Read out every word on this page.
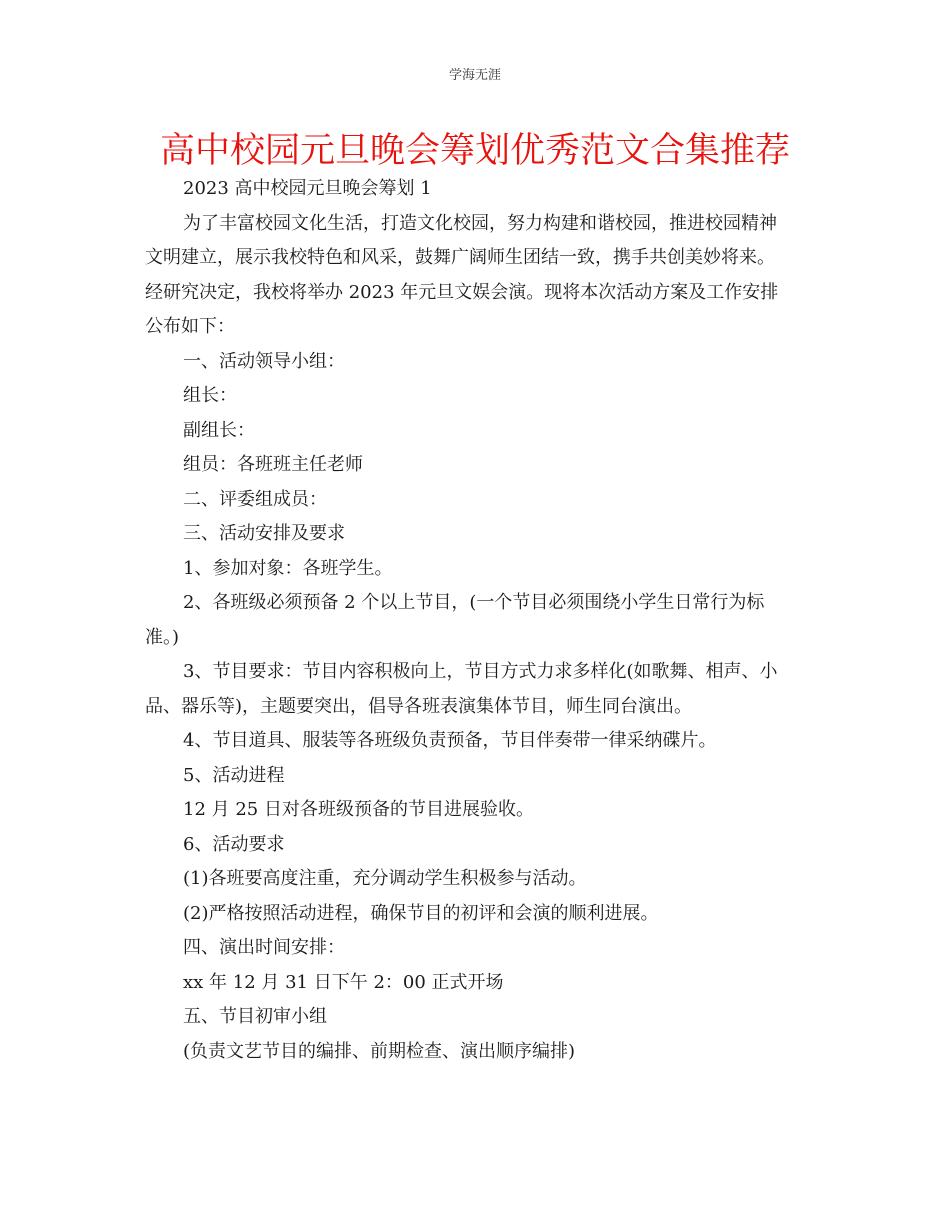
学海无涯
高中校园元旦晚会筹划优秀范文合集推荐
2023 高中校园元旦晚会筹划 1
为了丰富校园文化生活，打造文化校园，努力构建和谐校园，推进校园精神
文明建立，展示我校特色和风采，鼓舞广阔师生团结一致，携手共创美妙将来。
经研究决定，我校将举办 2023 年元旦文娱会演。现将本次活动方案及工作安排
公布如下：
一、活动领导小组：
组长：
副组长：
组员：各班班主任老师
二、评委组成员：
三、活动安排及要求
1、参加对象：各班学生。
2、各班级必须预备 2 个以上节目，(一个节目必须围绕小学生日常行为标
准。)
3、节目要求：节目内容积极向上，节目方式力求多样化(如歌舞、相声、小
品、器乐等)，主题要突出，倡导各班表演集体节目，师生同台演出。
4、节目道具、服装等各班级负责预备，节目伴奏带一律采纳碟片。
5、活动进程
12 月 25 日对各班级预备的节目进展验收。
6、活动要求
(1)各班要高度注重，充分调动学生积极参与活动。
(2)严格按照活动进程，确保节目的初评和会演的顺利进展。
四、演出时间安排：
xx 年 12 月 31 日下午 2：00 正式开场
五、节目初审小组
(负责文艺节目的编排、前期检查、演出顺序编排)
